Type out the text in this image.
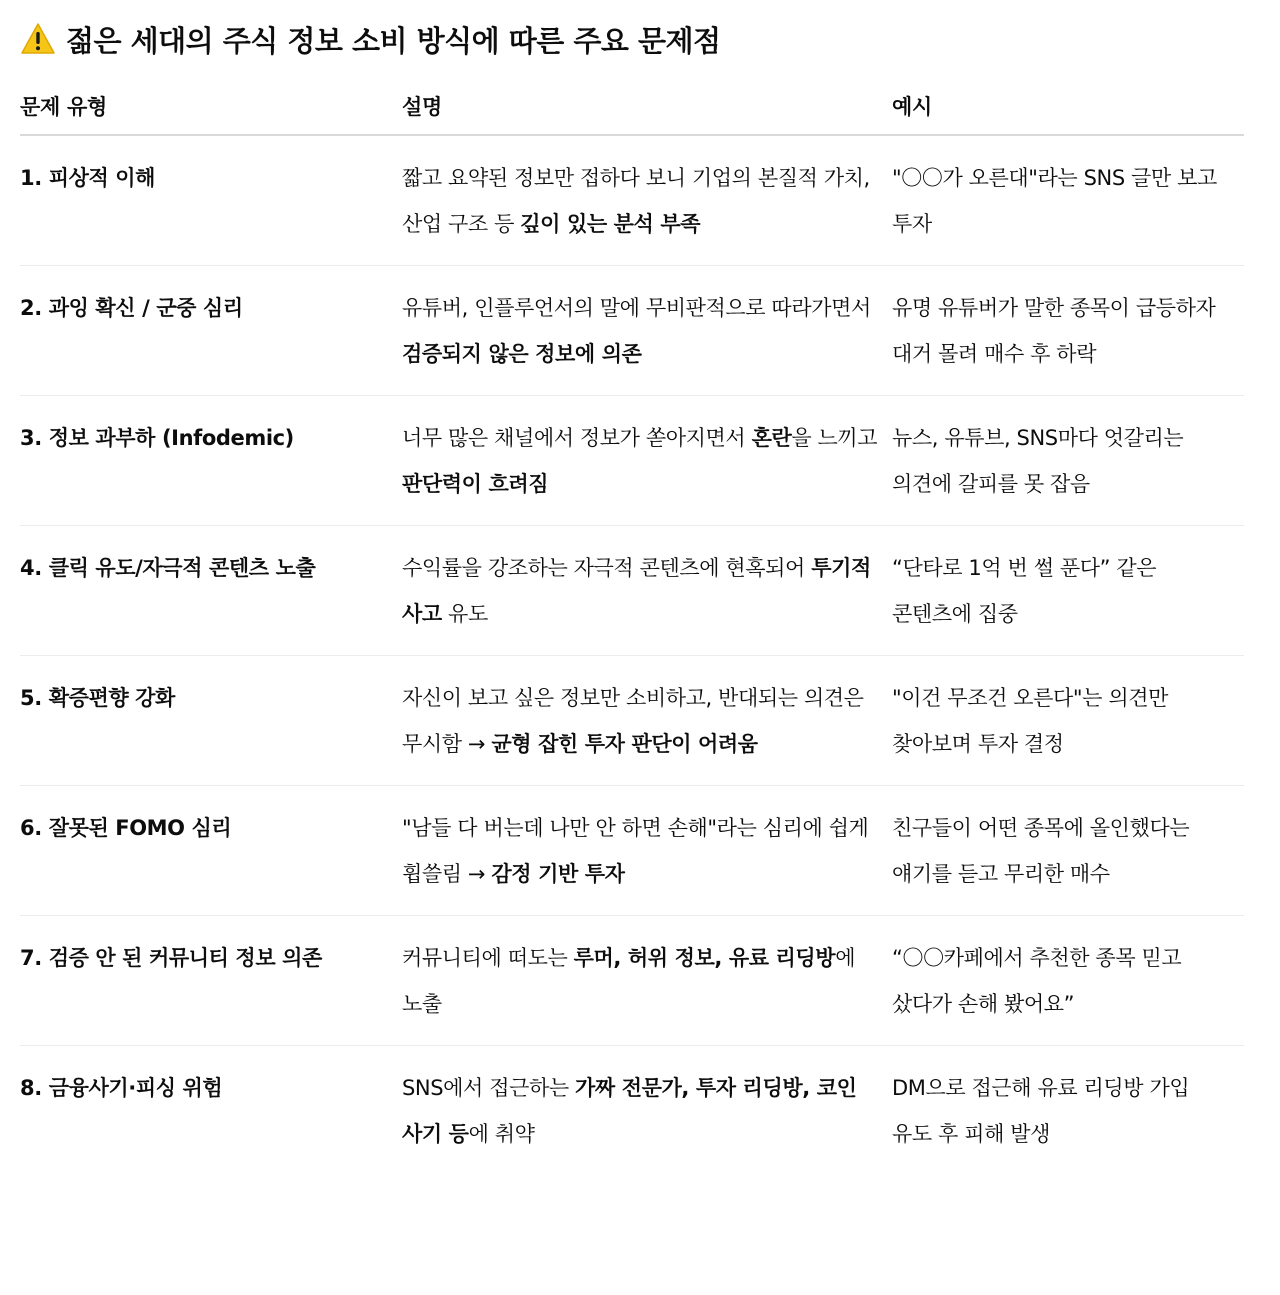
젊은 세대의 주식 정보 소비 방식에 따른 주요 문제점
문제 유형	설명	예시
1. 피상적 이해	짧고 요약된 정보만 접하다 보니 기업의 본질적 가치, 산업 구조 등 깊이 있는 분석 부족	"〇〇가 오른대"라는 SNS 글만 보고 투자
2. 과잉 확신 / 군중 심리	유튜버, 인플루언서의 말에 무비판적으로 따라가면서 검증되지 않은 정보에 의존	유명 유튜버가 말한 종목이 급등하자 대거 몰려 매수 후 하락
3. 정보 과부하 (Infodemic)	너무 많은 채널에서 정보가 쏟아지면서 혼란을 느끼고 판단력이 흐려짐	뉴스, 유튜브, SNS마다 엇갈리는 의견에 갈피를 못 잡음
4. 클릭 유도/자극적 콘텐츠 노출	수익률을 강조하는 자극적 콘텐츠에 현혹되어 투기적 사고 유도	“단타로 1억 번 썰 푼다” 같은 콘텐츠에 집중
5. 확증편향 강화	자신이 보고 싶은 정보만 소비하고, 반대되는 의견은 무시함 → 균형 잡힌 투자 판단이 어려움	"이건 무조건 오른다"는 의견만 찾아보며 투자 결정
6. 잘못된 FOMO 심리	"남들 다 버는데 나만 안 하면 손해"라는 심리에 쉽게 휩쓸림 → 감정 기반 투자	친구들이 어떤 종목에 올인했다는 얘기를 듣고 무리한 매수
7. 검증 안 된 커뮤니티 정보 의존	커뮤니티에 떠도는 루머, 허위 정보, 유료 리딩방에 노출	“〇〇카페에서 추천한 종목 믿고 샀다가 손해 봤어요”
8. 금융사기·피싱 위험	SNS에서 접근하는 가짜 전문가, 투자 리딩방, 코인 사기 등에 취약	DM으로 접근해 유료 리딩방 가입 유도 후 피해 발생
